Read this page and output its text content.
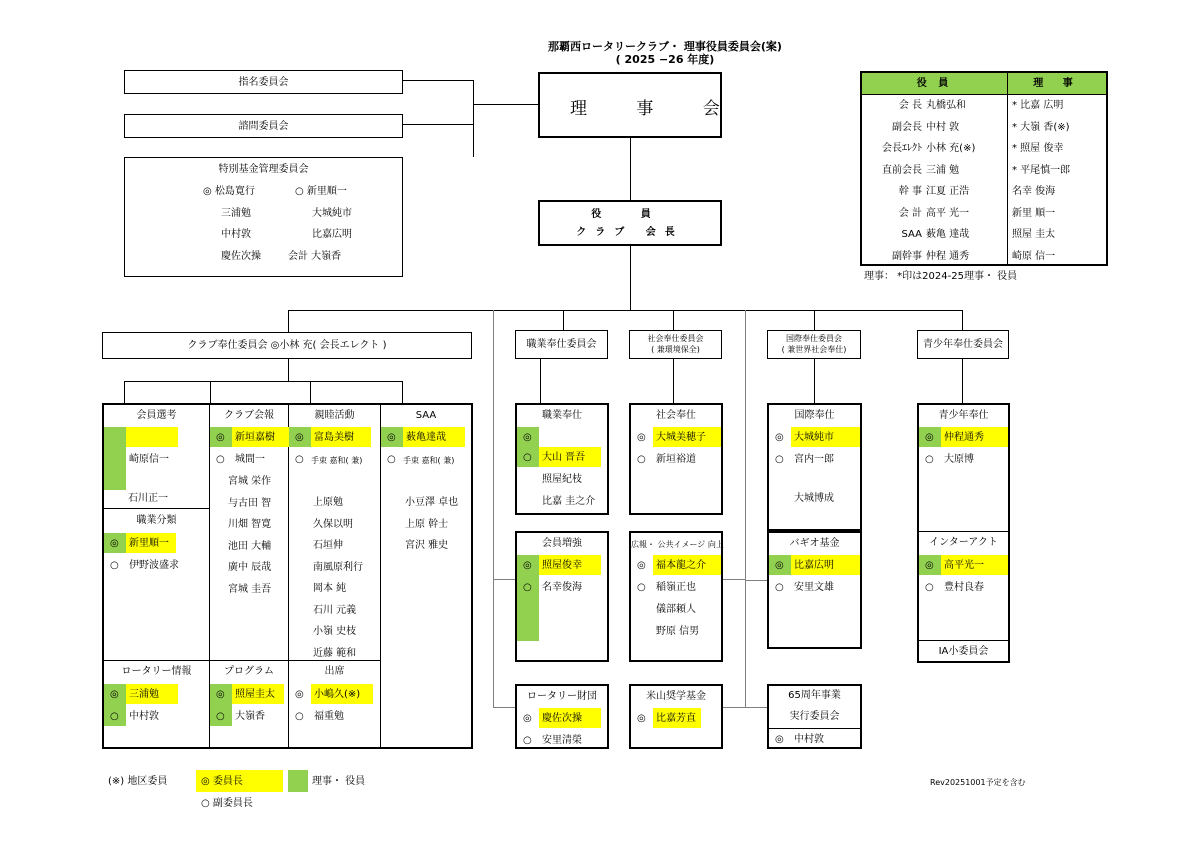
那覇西ロータリークラブ・ 理事役員委員会(案)
( 2025 −26 年度)
指名委員会
諮問委員会
特別基金管理委員会
◎ 松島寛行	○ 新里順一
三浦勉	大城純市
中村敦	比嘉広明
慶佐次操	会計 大嶺香
理 事 会
役 員
クラブ 会長
役 員	理 事
会 長 丸橋弘和	* 比嘉 広明
副会長 中村 敦	* 大嶺 香(※)
会長ｴﾚｸﾄ 小林 充(※)	* 照屋 俊幸
直前会長 三浦 勉	* 平尾慎一郎
幹 事 江夏 正浩	名幸 俊海
会 計 高平 光一	新里 順一
SAA 薮亀 達哉	照屋 圭太
副幹事 仲程 通秀	崎原 信一
理事： *印は2024-25理事・ 役員
クラブ奉仕委員会 ◎小林 充( 会長エレクト )	職業奉仕委員会
社会奉仕委員会
( 兼環境保全)
国際奉仕委員会
( 兼世界社会奉仕)	青少年奉仕委員会
会員選考
崎原信一
石川正一
クラブ会報
◎ 新垣嘉樹
○ 城間一
宮城 栄作
与古田 智
川畑 智寛
池田 大輔
廣中 辰哉
宮城 圭吾
親睦活動
◎ 富島美樹
○ 手束 嘉和( 兼)
上原勉
久保以明
石垣伸
南風原利行
岡本 純
石川 元義
小嶺 史枝
近藤 範和
SAA
◎ 薮亀達哉
○ 手束 嘉和( 兼)
小豆澤 卓也
上原 幹士
宮沢 雅史
職業分類
◎ 新里順一
○ 伊野波盛求
ロータリー情報
◎ 三浦勉
○ 中村敦
プログラム
◎ 照屋圭太
○ 大嶺香
出席
◎ 小嶋久(※)
○ 福重勉
職業奉仕
◎
○ 大山 晋吾
照屋紀枝
比嘉 圭之介
会員増強
◎ 照屋俊幸
○ 名幸俊海
ロータリー財団
◎ 慶佐次操
○ 安里清榮
社会奉仕
◎ 大城美穂子
○ 新垣裕道
広報・ 公共イメージ 向上
◎ 福本龍之介
○ 稲嶺正也
儀部頼人
野原 信男
米山奨学基金
◎ 比嘉芳直
国際奉仕
◎ 大城純市
○ 宮内一郎
大城博成
バギオ基金
◎ 比嘉広明
○ 安里文雄
65周年事業
実行委員会
◎ 中村敦
青少年奉仕
◎ 仲程通秀
○ 大原博
インターアクト
◎ 高平光一
○ 豊村良春
IA小委員会
(※) 地区委員	◎ 委員長	理事・ 役員
○ 副委員長
Rev20251001予定を含む
